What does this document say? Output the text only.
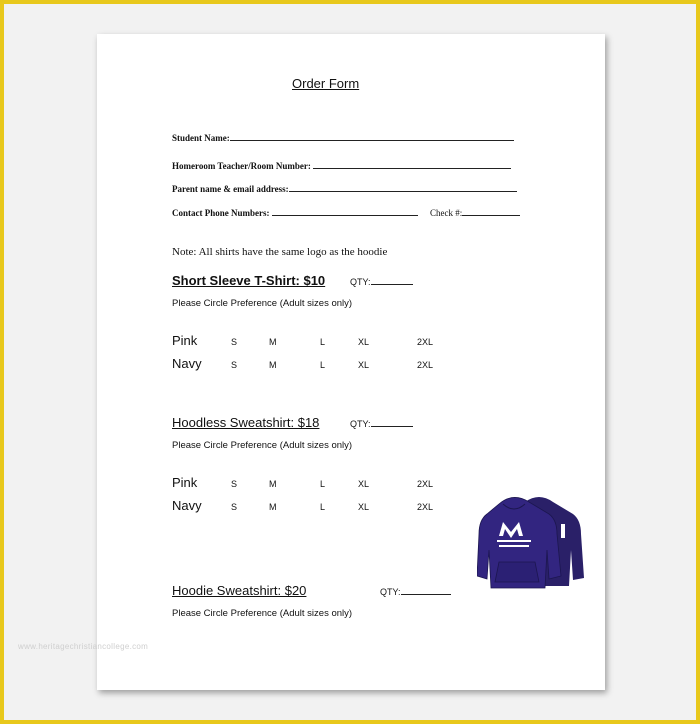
Order Form
Student Name:
Homeroom Teacher/Room Number:
Parent name & email address:
Contact Phone Numbers:	Check #:
Note: All shirts have the same logo as the hoodie
Short Sleeve T-Shirt: $10	QTY:
Please Circle Preference (Adult sizes only)
Pink	S	M	L	XL	2XL
Navy	S	M	L	XL	2XL
Hoodless Sweatshirt: $18	QTY:
Please Circle Preference (Adult sizes only)
Pink	S	M	L	XL	2XL
Navy	S	M	L	XL	2XL
Hoodie Sweatshirt: $20	QTY:
Please Circle Preference (Adult sizes only)
www.heritagechristiancollege.com
